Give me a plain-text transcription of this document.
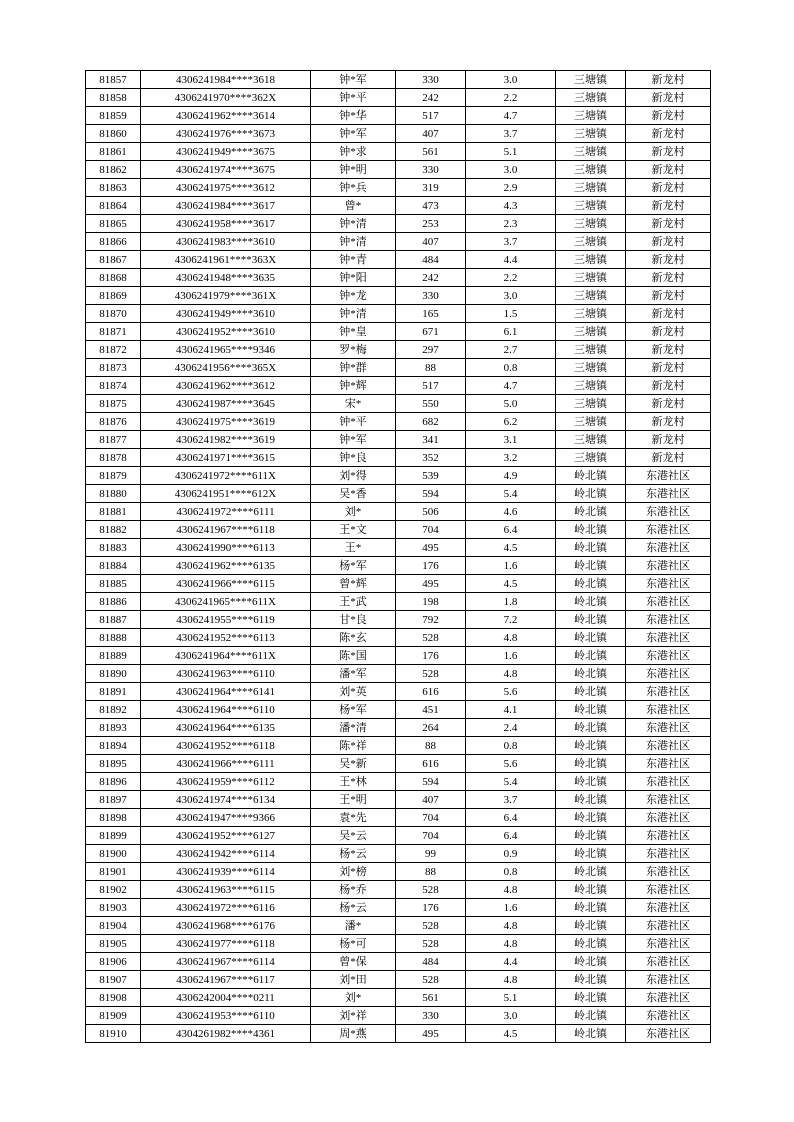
81857	4306241984****3618	钟*军	330	3.0	三塘镇	新龙村
81858	4306241970****362X	钟*平	242	2.2	三塘镇	新龙村
81859	4306241962****3614	钟*华	517	4.7	三塘镇	新龙村
81860	4306241976****3673	钟*军	407	3.7	三塘镇	新龙村
81861	4306241949****3675	钟*求	561	5.1	三塘镇	新龙村
81862	4306241974****3675	钟*明	330	3.0	三塘镇	新龙村
81863	4306241975****3612	钟*兵	319	2.9	三塘镇	新龙村
81864	4306241984****3617	曾*	473	4.3	三塘镇	新龙村
81865	4306241958****3617	钟*清	253	2.3	三塘镇	新龙村
81866	4306241983****3610	钟*清	407	3.7	三塘镇	新龙村
81867	4306241961****363X	钟*青	484	4.4	三塘镇	新龙村
81868	4306241948****3635	钟*阳	242	2.2	三塘镇	新龙村
81869	4306241979****361X	钟*龙	330	3.0	三塘镇	新龙村
81870	4306241949****3610	钟*清	165	1.5	三塘镇	新龙村
81871	4306241952****3610	钟*皇	671	6.1	三塘镇	新龙村
81872	4306241965****9346	罗*梅	297	2.7	三塘镇	新龙村
81873	4306241956****365X	钟*群	88	0.8	三塘镇	新龙村
81874	4306241962****3612	钟*辉	517	4.7	三塘镇	新龙村
81875	4306241987****3645	宋*	550	5.0	三塘镇	新龙村
81876	4306241975****3619	钟*平	682	6.2	三塘镇	新龙村
81877	4306241982****3619	钟*军	341	3.1	三塘镇	新龙村
81878	4306241971****3615	钟*良	352	3.2	三塘镇	新龙村
81879	4306241972****611X	刘*得	539	4.9	岭北镇	东港社区
81880	4306241951****612X	吴*香	594	5.4	岭北镇	东港社区
81881	4306241972****6111	刘*	506	4.6	岭北镇	东港社区
81882	4306241967****6118	王*文	704	6.4	岭北镇	东港社区
81883	4306241990****6113	王*	495	4.5	岭北镇	东港社区
81884	4306241962****6135	杨*军	176	1.6	岭北镇	东港社区
81885	4306241966****6115	曾*辉	495	4.5	岭北镇	东港社区
81886	4306241965****611X	王*武	198	1.8	岭北镇	东港社区
81887	4306241955****6119	甘*良	792	7.2	岭北镇	东港社区
81888	4306241952****6113	陈*玄	528	4.8	岭北镇	东港社区
81889	4306241964****611X	陈*国	176	1.6	岭北镇	东港社区
81890	4306241963****6110	潘*军	528	4.8	岭北镇	东港社区
81891	4306241964****6141	刘*英	616	5.6	岭北镇	东港社区
81892	4306241964****6110	杨*军	451	4.1	岭北镇	东港社区
81893	4306241964****6135	潘*清	264	2.4	岭北镇	东港社区
81894	4306241952****6118	陈*祥	88	0.8	岭北镇	东港社区
81895	4306241966****6111	吴*新	616	5.6	岭北镇	东港社区
81896	4306241959****6112	王*林	594	5.4	岭北镇	东港社区
81897	4306241974****6134	王*明	407	3.7	岭北镇	东港社区
81898	4306241947****9366	袁*先	704	6.4	岭北镇	东港社区
81899	4306241952****6127	吴*云	704	6.4	岭北镇	东港社区
81900	4306241942****6114	杨*云	99	0.9	岭北镇	东港社区
81901	4306241939****6114	刘*榜	88	0.8	岭北镇	东港社区
81902	4306241963****6115	杨*乔	528	4.8	岭北镇	东港社区
81903	4306241972****6116	杨*云	176	1.6	岭北镇	东港社区
81904	4306241968****6176	潘*	528	4.8	岭北镇	东港社区
81905	4306241977****6118	杨*可	528	4.8	岭北镇	东港社区
81906	4306241967****6114	曾*保	484	4.4	岭北镇	东港社区
81907	4306241967****6117	刘*田	528	4.8	岭北镇	东港社区
81908	4306242004****0211	刘*	561	5.1	岭北镇	东港社区
81909	4306241953****6110	刘*祥	330	3.0	岭北镇	东港社区
81910	4304261982****4361	周*燕	495	4.5	岭北镇	东港社区
